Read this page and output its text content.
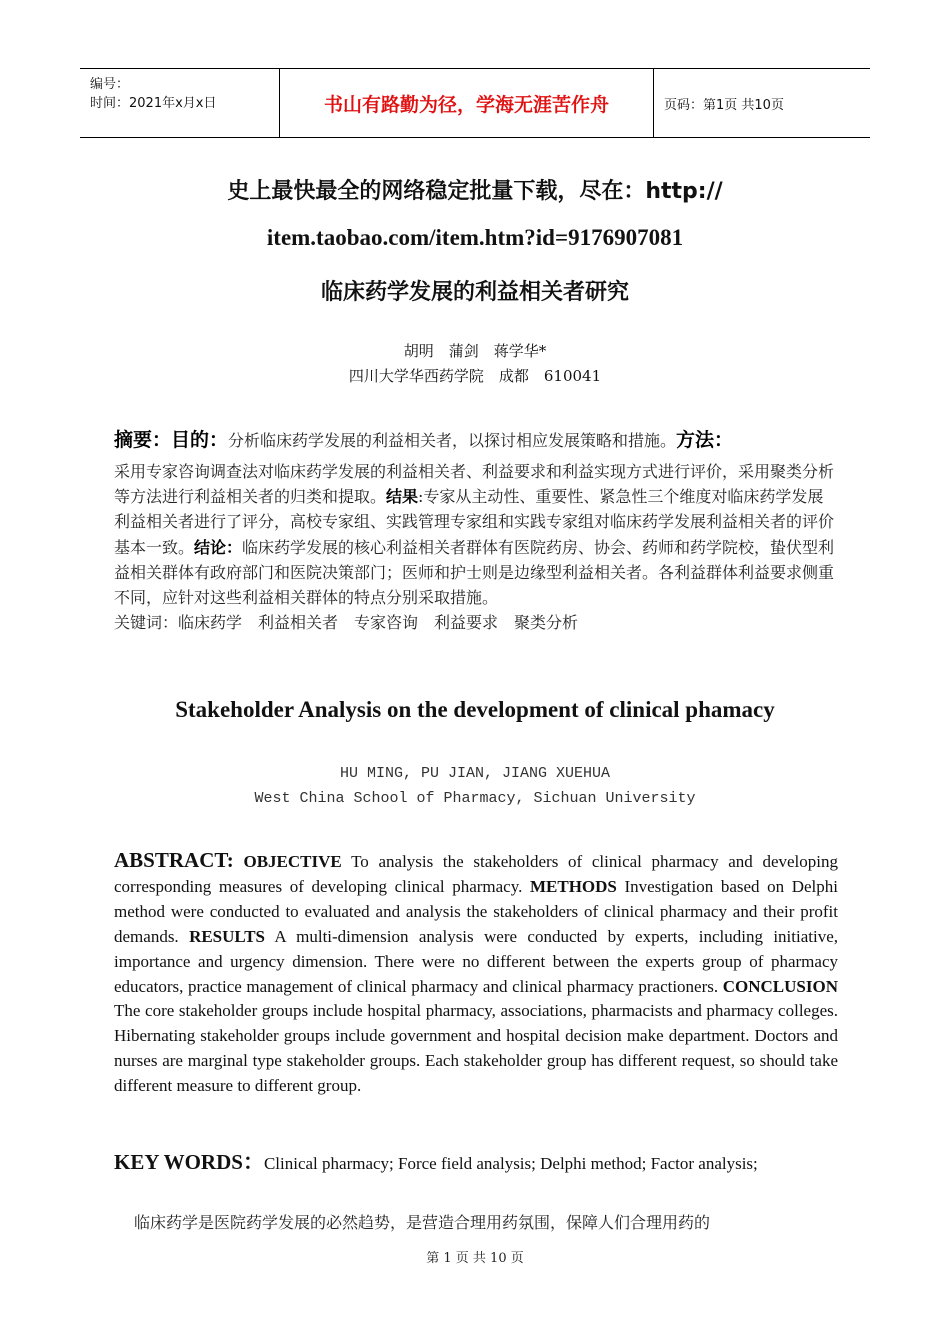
编号：
时间：2021年x月x日	书山有路勤为径，学海无涯苦作舟	页码：第1页 共10页
史上最快最全的网络稳定批量下载，尽在：http://
item.taobao.com/item.htm?id=9176907081
临床药学发展的利益相关者研究
胡明　蒲剑　蒋学华*
四川大学华西药学院　成都　610041
摘要：目的：分析临床药学发展的利益相关者，以探讨相应发展策略和措施。方法：
采用专家咨询调查法对临床药学发展的利益相关者、利益要求和利益实现方式进行评价，采用聚类分析等方法进行利益相关者的归类和提取。结果:专家从主动性、重要性、紧急性三个维度对临床药学发展利益相关者进行了评分，高校专家组、实践管理专家组和实践专家组对临床药学发展利益相关者的评价基本一致。结论：临床药学发展的核心利益相关者群体有医院药房、协会、药师和药学院校，蛰伏型利益相关群体有政府部门和医院决策部门；医师和护士则是边缘型利益相关者。各利益群体利益要求侧重不同，应针对这些利益相关群体的特点分别采取措施。
关键词：临床药学　利益相关者　专家咨询　利益要求　聚类分析
Stakeholder Analysis on the development of clinical phamacy
HU MING, PU JIAN, JIANG XUEHUA
West China School of Pharmacy, Sichuan University
ABSTRACT: OBJECTIVE To analysis the stakeholders of clinical pharmacy and developing corresponding measures of developing clinical pharmacy. METHODS Investigation based on Delphi method were conducted to evaluated and analysis the stakeholders of clinical pharmacy and their profit demands. RESULTS A multi-dimension analysis were conducted by experts, including initiative, importance and urgency dimension. There were no different between the experts group of pharmacy educators, practice management of clinical pharmacy and clinical pharmacy practioners. CONCLUSION The core stakeholder groups include hospital pharmacy, associations, pharmacists and pharmacy colleges. Hibernating stakeholder groups include government and hospital decision make department. Doctors and nurses are marginal type stakeholder groups. Each stakeholder group has different request, so should take different measure to different group.
KEY WORDS：Clinical pharmacy; Force field analysis; Delphi method; Factor analysis;
临床药学是医院药学发展的必然趋势，是营造合理用药氛围，保障人们合理用药的
第 1 页 共 10 页
